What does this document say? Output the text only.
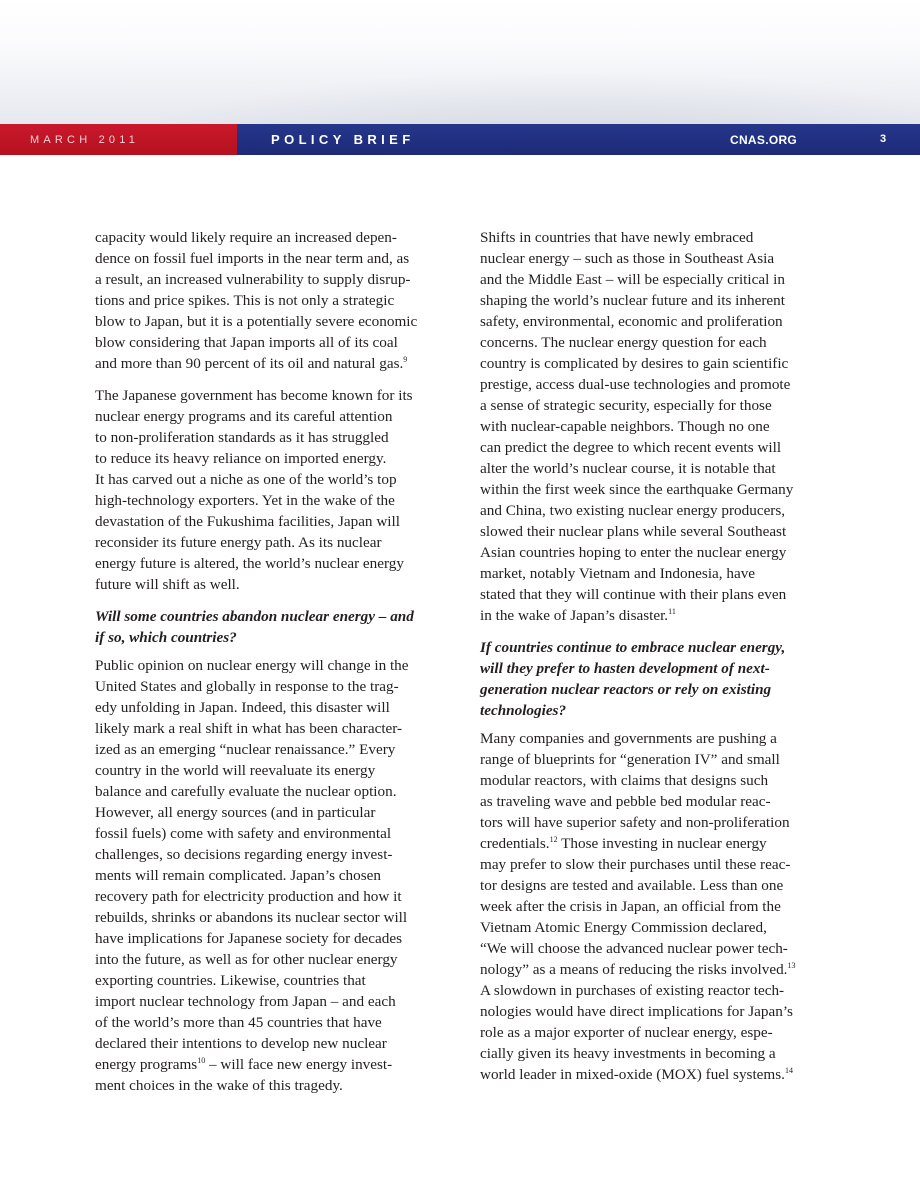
MARCH 2011	POLICY BRIEF	CNAS.ORG	3

capacity would likely require an increased depen-
dence on fossil fuel imports in the near term and, as
a result, an increased vulnerability to supply disrup-
tions and price spikes. This is not only a strategic
blow to Japan, but it is a potentially severe economic
blow considering that Japan imports all of its coal
and more than 90 percent of its oil and natural gas.$^9$

The Japanese government has become known for its
nuclear energy programs and its careful attention
to non-proliferation standards as it has struggled
to reduce its heavy reliance on imported energy.
It has carved out a niche as one of the world’s top
high-technology exporters. Yet in the wake of the
devastation of the Fukushima facilities, Japan will
reconsider its future energy path. As its nuclear
energy future is altered, the world’s nuclear energy
future will shift as well.

Will some countries abandon nuclear energy – and
if so, which countries?

Public opinion on nuclear energy will change in the
United States and globally in response to the trag-
edy unfolding in Japan. Indeed, this disaster will
likely mark a real shift in what has been character-
ized as an emerging “nuclear renaissance.” Every
country in the world will reevaluate its energy
balance and carefully evaluate the nuclear option.
However, all energy sources (and in particular
fossil fuels) come with safety and environmental
challenges, so decisions regarding energy invest-
ments will remain complicated. Japan’s chosen
recovery path for electricity production and how it
rebuilds, shrinks or abandons its nuclear sector will
have implications for Japanese society for decades
into the future, as well as for other nuclear energy
exporting countries. Likewise, countries that
import nuclear technology from Japan – and each
of the world’s more than 45 countries that have
declared their intentions to develop new nuclear
energy programs$^{10}$ – will face new energy invest-
ment choices in the wake of this tragedy.

Shifts in countries that have newly embraced
nuclear energy – such as those in Southeast Asia
and the Middle East – will be especially critical in
shaping the world’s nuclear future and its inherent
safety, environmental, economic and proliferation
concerns. The nuclear energy question for each
country is complicated by desires to gain scientific
prestige, access dual-use technologies and promote
a sense of strategic security, especially for those
with nuclear-capable neighbors. Though no one
can predict the degree to which recent events will
alter the world’s nuclear course, it is notable that
within the first week since the earthquake Germany
and China, two existing nuclear energy producers,
slowed their nuclear plans while several Southeast
Asian countries hoping to enter the nuclear energy
market, notably Vietnam and Indonesia, have
stated that they will continue with their plans even
in the wake of Japan’s disaster.$^{11}$

If countries continue to embrace nuclear energy,
will they prefer to hasten development of next-
generation nuclear reactors or rely on existing
technologies?

Many companies and governments are pushing a
range of blueprints for “generation IV” and small
modular reactors, with claims that designs such
as traveling wave and pebble bed modular reac-
tors will have superior safety and non-proliferation
credentials.$^{12}$ Those investing in nuclear energy
may prefer to slow their purchases until these reac-
tor designs are tested and available. Less than one
week after the crisis in Japan, an official from the
Vietnam Atomic Energy Commission declared,
“We will choose the advanced nuclear power tech-
nology” as a means of reducing the risks involved.$^{13}$
A slowdown in purchases of existing reactor tech-
nologies would have direct implications for Japan’s
role as a major exporter of nuclear energy, espe-
cially given its heavy investments in becoming a
world leader in mixed-oxide (MOX) fuel systems.$^{14}$
